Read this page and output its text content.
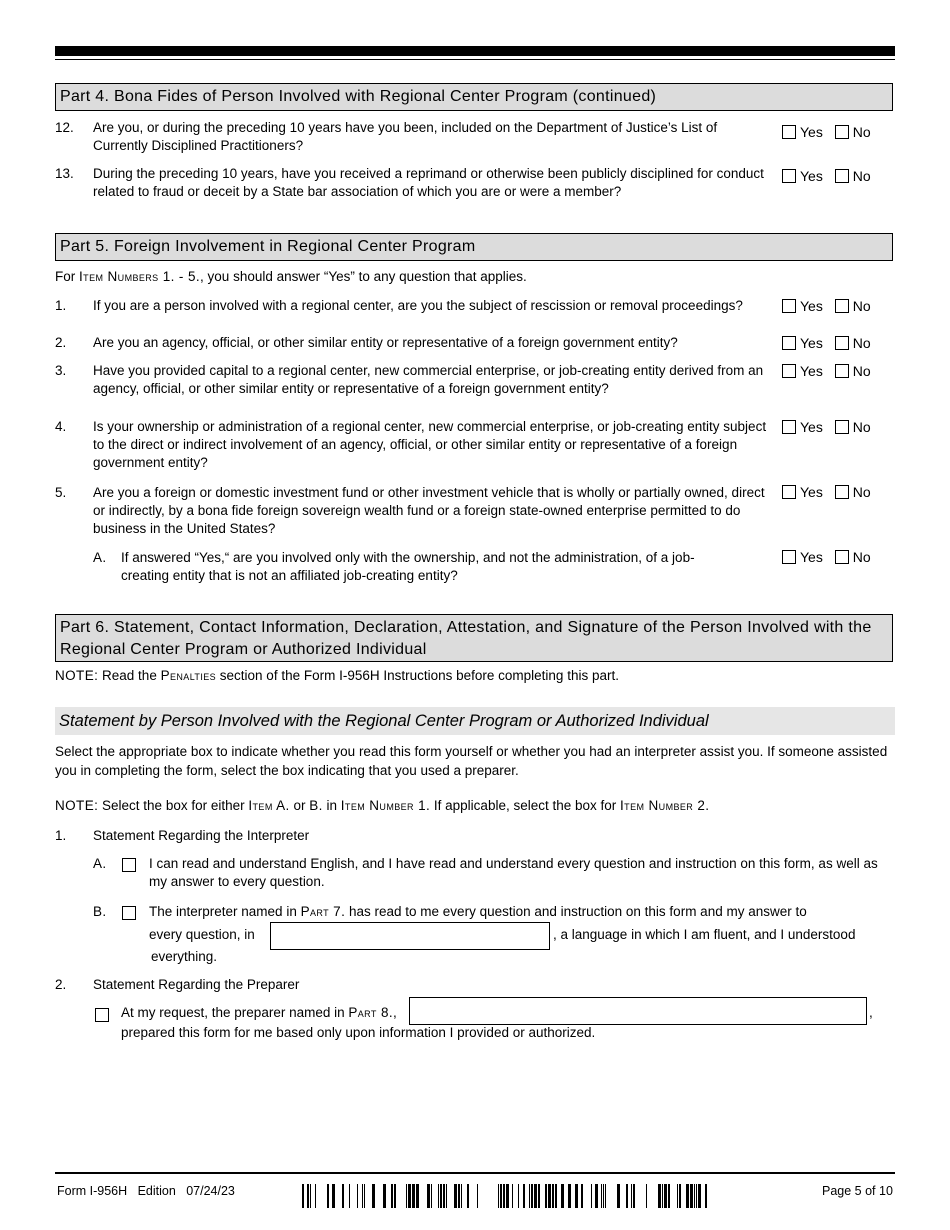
Part 4. Bona Fides of Person Involved with Regional Center Program (continued)
12. Are you, or during the preceding 10 years have you been, included on the Department of Justice’s List of Currently Disciplined Practitioners?
Yes No
13. During the preceding 10 years, have you received a reprimand or otherwise been publicly disciplined for conduct related to fraud or deceit by a State bar association of which you are or were a member?
Yes No
Part 5. Foreign Involvement in Regional Center Program
For Item Numbers 1. - 5., you should answer “Yes” to any question that applies.
1. If you are a person involved with a regional center, are you the subject of rescission or removal proceedings?	Yes No
2. Are you an agency, official, or other similar entity or representative of a foreign government entity?	Yes No
3. Have you provided capital to a regional center, new commercial enterprise, or job-creating entity derived from an agency, official, or other similar entity or representative of a foreign government entity?
Yes No
4. Is your ownership or administration of a regional center, new commercial enterprise, or job-creating entity subject to the direct or indirect involvement of an agency, official, or other similar entity or representative of a foreign government entity?
Yes No
5. Are you a foreign or domestic investment fund or other investment vehicle that is wholly or partially owned, direct or indirectly, by a bona fide foreign sovereign wealth fund or a foreign state-owned enterprise permitted to do business in the United States?
Yes No
A. If answered “Yes,“ are you involved only with the ownership, and not the administration, of a job-creating entity that is not an affiliated job-creating entity?
Yes No
Part 6. Statement, Contact Information, Declaration, Attestation, and Signature of the Person Involved with the Regional Center Program or Authorized Individual
NOTE: Read the Penalties section of the Form I-956H Instructions before completing this part.
Statement by Person Involved with the Regional Center Program or Authorized Individual
Select the appropriate box to indicate whether you read this form yourself or whether you had an interpreter assist you. If someone assisted you in completing the form, select the box indicating that you used a preparer.
NOTE: Select the box for either Item A. or B. in Item Number 1. If applicable, select the box for Item Number 2.
1. Statement Regarding the Interpreter
A.	I can read and understand English, and I have read and understand every question and instruction on this form, as well as my answer to every question.
B.	The interpreter named in Part 7. has read to me every question and instruction on this form and my answer to
every question, in	, a language in which I am fluent, and I understood
everything.
2. Statement Regarding the Preparer
At my request, the preparer named in Part 8.,	,
prepared this form for me based only upon information I provided or authorized.
Form I-956H   Edition   07/24/23	Page 5 of 10
